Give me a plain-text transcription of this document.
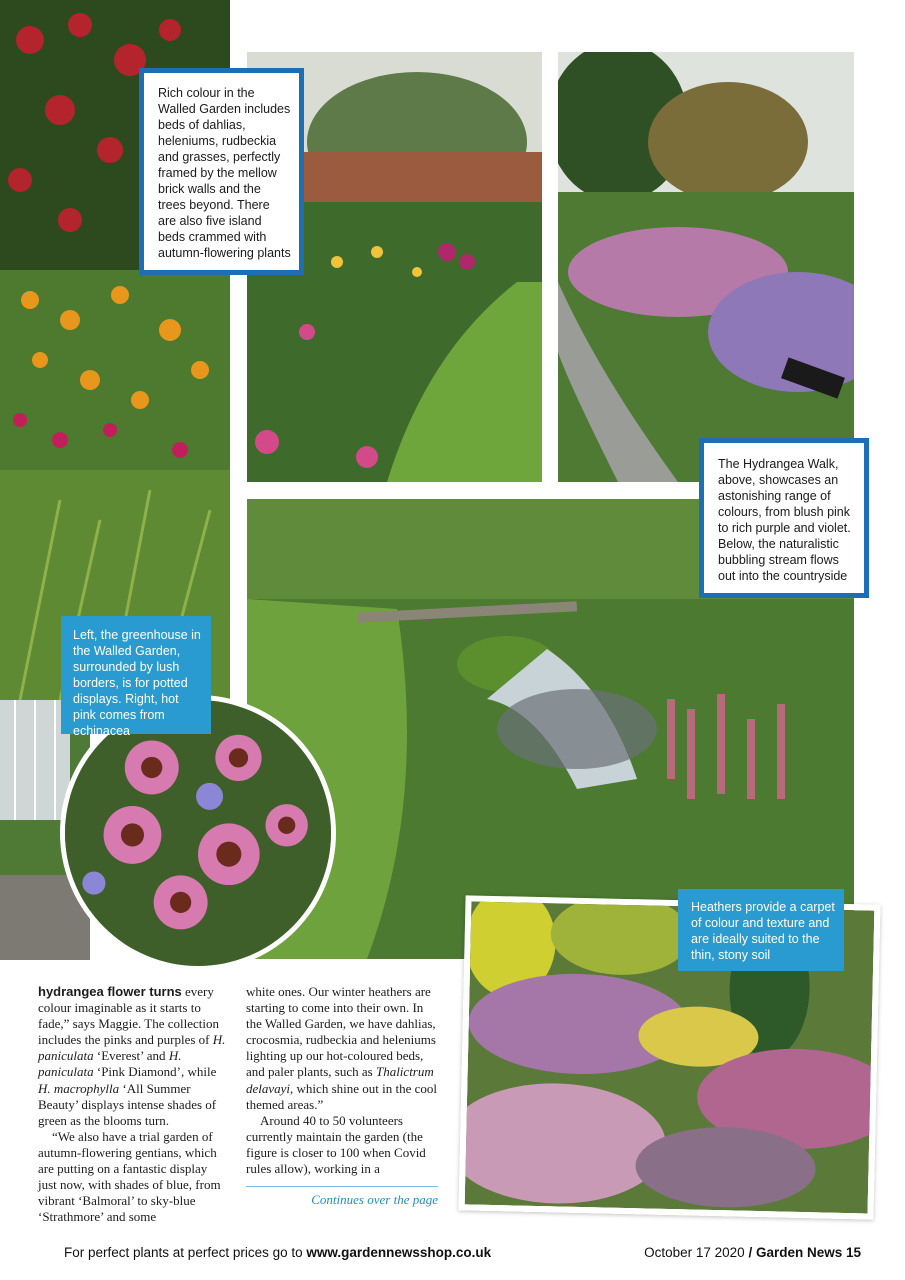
Rich colour in the Walled Garden includes beds of dahlias, heleniums, rudbeckia and grasses, perfectly framed by the mellow brick walls and the trees beyond. There are also five island beds crammed with autumn-flowering plants
The Hydrangea Walk, above, showcases an astonishing range of colours, from blush pink to rich purple and violet. Below, the naturalistic bubbling stream flows out into the countryside
Left, the greenhouse in the Walled Garden, surrounded by lush borders, is for potted displays. Right, hot pink comes from echinacea
Heathers provide a carpet of colour and texture and are ideally suited to the thin, stony soil

hydrangea flower turns every colour imaginable as it starts to fade,” says Maggie. The collection includes the pinks and purples of H. paniculata ‘Everest’ and H. paniculata ‘Pink Diamond’, while H. macrophylla ‘All Summer Beauty’ displays intense shades of green as the blooms turn.

“We also have a trial garden of autumn-flowering gentians, which are putting on a fantastic display just now, with shades of blue, from vibrant ‘Balmoral’ to sky-blue ‘Strathmore’ and some

white ones. Our winter heathers are starting to come into their own. In the Walled Garden, we have dahlias, crocosmia, rudbeckia and heleniums lighting up our hot-coloured beds, and paler plants, such as Thalictrum delavayi, which shine out in the cool themed areas.”

Around 40 to 50 volunteers currently maintain the garden (the figure is closer to 100 when Covid rules allow), working in a

Continues over the page
For perfect plants at perfect prices go to www.gardennewsshop.co.uk	October 17 2020 / Garden News 15
